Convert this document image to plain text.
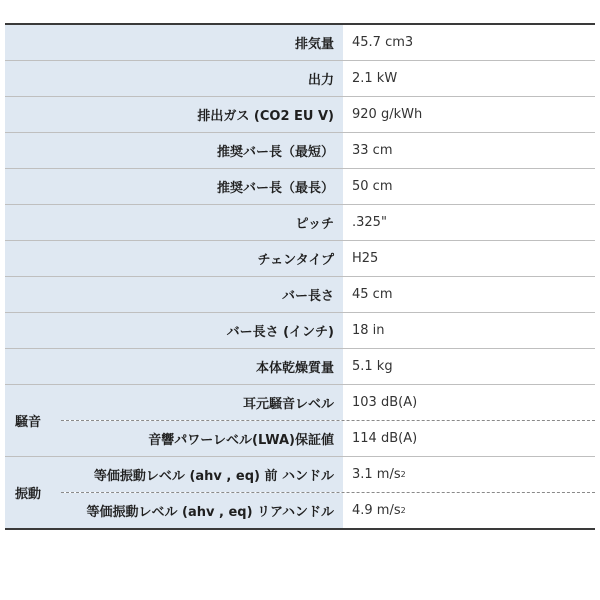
排気量	45.7 cm3
出力	2.1 kW
排出ガス (CO2 EU V)	920 g/kWh
推奨バー長（最短）	33 cm
推奨バー長（最長）	50 cm
ピッチ	.325"
チェンタイプ	H25
バー長さ	45 cm
バー長さ (インチ)	18 in
本体乾燥質量	5.1 kg
騒音
耳元騒音レベル	103 dB(A)
音響パワーレベル(LWA)保証値	114 dB(A)
振動
等価振動レベル (ahv , eq) 前 ハンドル	3.1 m/s 2
等価振動レベル (ahv , eq) リアハンドル	4.9 m/s 2
